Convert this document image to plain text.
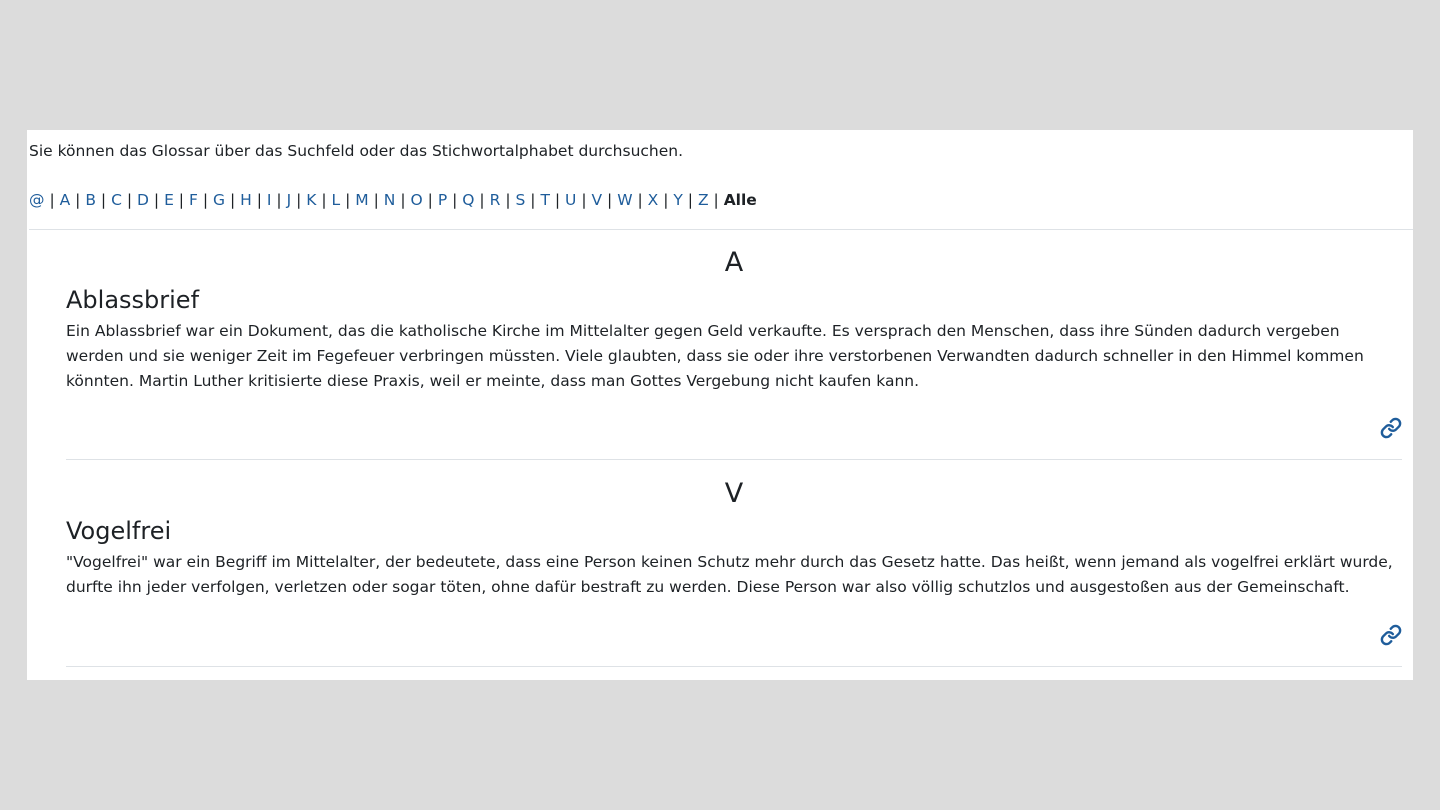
Sie können das Glossar über das Suchfeld oder das Stichwortalphabet durchsuchen.
@ | A | B | C | D | E | F | G | H | I | J | K | L | M | N | O | P | Q | R | S | T | U | V | W | X | Y | Z | Alle
A
Ablassbrief

Ein Ablassbrief war ein Dokument, das die katholische Kirche im Mittelalter gegen Geld verkaufte. Es versprach den Menschen, dass ihre Sünden dadurch vergeben werden und sie weniger Zeit im Fegefeuer verbringen müssten. Viele glaubten, dass sie oder ihre verstorbenen Verwandten dadurch schneller in den Himmel kommen könnten. Martin Luther kritisierte diese Praxis, weil er meinte, dass man Gottes Vergebung nicht kaufen kann.

V
Vogelfrei

"Vogelfrei" war ein Begriff im Mittelalter, der bedeutete, dass eine Person keinen Schutz mehr durch das Gesetz hatte. Das heißt, wenn jemand als vogelfrei erklärt wurde, durfte ihn jeder verfolgen, verletzen oder sogar töten, ohne dafür bestraft zu werden. Diese Person war also völlig schutzlos und ausgestoßen aus der Gemeinschaft.
